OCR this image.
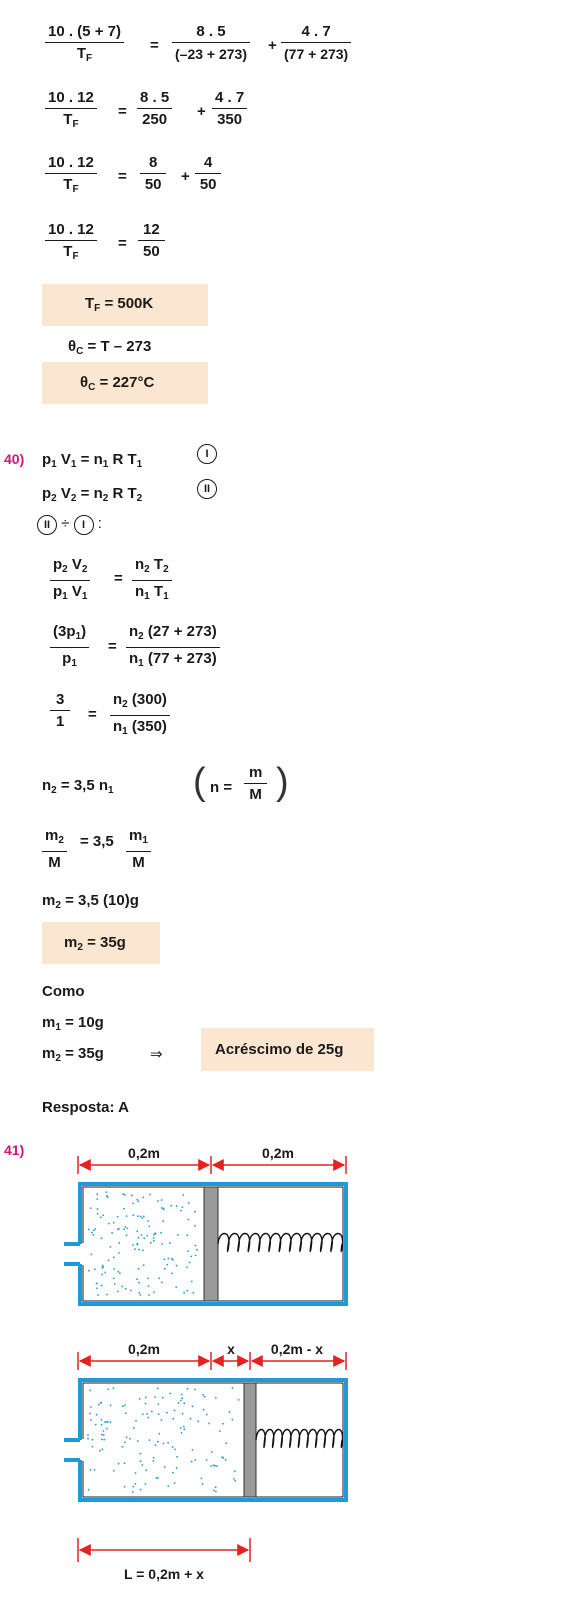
$\frac{10 . (5 + 7)}{T_F} = \frac{8 . 5}{(-23 + 273)} + \frac{4 . 7}{(77 + 273)}$
$\frac{10 . 12}{T_F} = \frac{8 . 5}{250} + \frac{4 . 7}{350}$
$\frac{10 . 12}{T_F} = \frac{8}{50} + \frac{4}{50}$
$\frac{10 . 12}{T_F} = \frac{12}{50}$
$T_F = 500K$
$\theta_C = T - 273$
$\theta_C = 227^\circ C$
40) $p_1$ $V_1 = n_1$ R $T_1$
I
$p_2$ $V_2 = n_2$ R $T_2$
II
II ÷ I :
$\frac{p_2 V_2}{p_1 V_1} = \frac{n_2 T_2}{n_1 T_1}$
$\frac{(3p_1)}{p_1} = \frac{n_2 (27 + 273)}{n_1 (77 + 273)}$
$\frac{3}{1} = \frac{n_2 (300)}{n_1 (350)}$
$n_2 = 3,5$ $n_1$ ( $n = \frac{m}{M}$ )
$\frac{m_2}{M} = 3,5 \frac{m_1}{M}$
$m_2 = 3,5$ (10)g
$m_2 = 35g$
Como
$m_1 = 10g$
$m_2 = 35g$	⇒	Acréscimo de 25g
Resposta: A
41)	0,2m	0,2m
0,2m	x	0,2m - x
L = 0,2m + x
